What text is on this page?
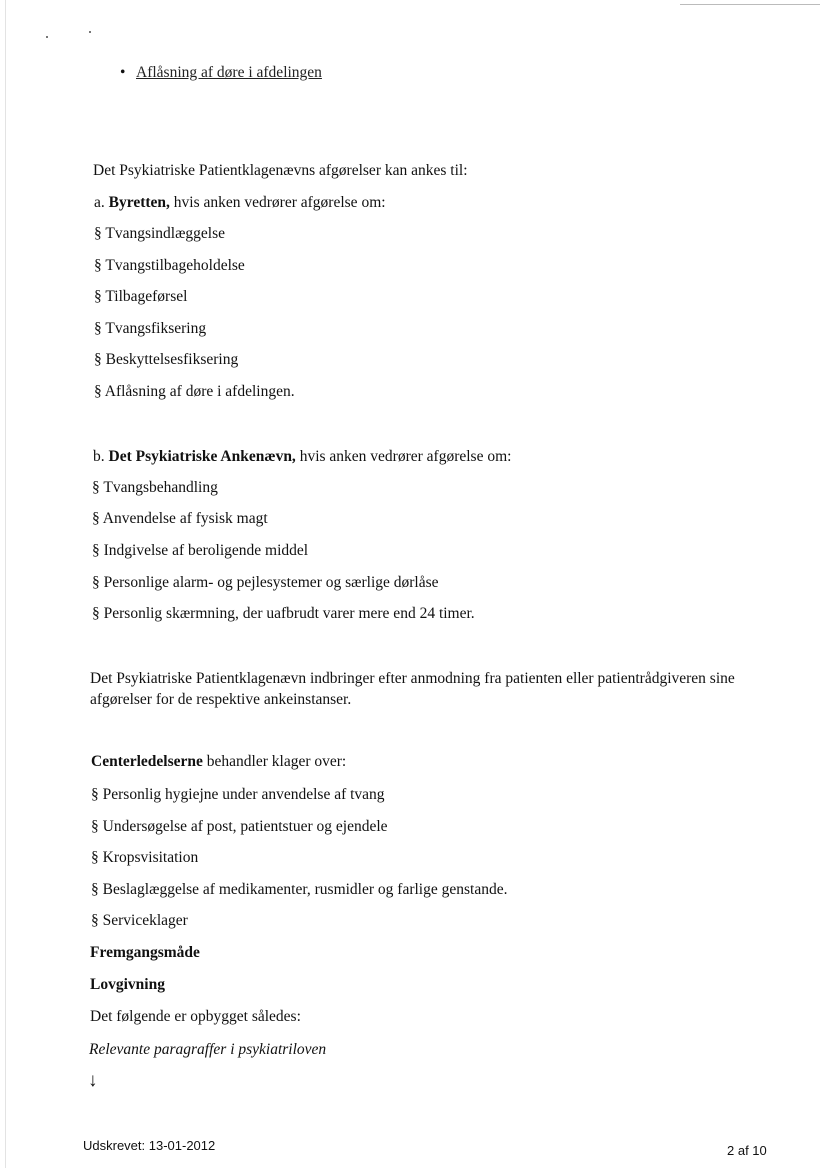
• Aflåsning af døre i afdelingen
Det Psykiatriske Patientklagenævns afgørelser kan ankes til:
a. Byretten, hvis anken vedrører afgørelse om:
§ Tvangsindlæggelse
§ Tvangstilbageholdelse
§ Tilbageførsel
§ Tvangsfiksering
§ Beskyttelsesfiksering
§ Aflåsning af døre i afdelingen.
b. Det Psykiatriske Ankenævn, hvis anken vedrører afgørelse om:
§ Tvangsbehandling
§ Anvendelse af fysisk magt
§ Indgivelse af beroligende middel
§ Personlige alarm- og pejlesystemer og særlige dørlåse
§ Personlig skærmning, der uafbrudt varer mere end 24 timer.
Det Psykiatriske Patientklagenævn indbringer efter anmodning fra patienten eller patientrådgiveren sine afgørelser for de respektive ankeinstanser.
Centerledelserne behandler klager over:
§ Personlig hygiejne under anvendelse af tvang
§ Undersøgelse af post, patientstuer og ejendele
§ Kropsvisitation
§ Beslaglæggelse af medikamenter, rusmidler og farlige genstande.
§ Serviceklager
Fremgangsmåde
Lovgivning
Det følgende er opbygget således:
Relevante paragraffer i psykiatriloven
↓
Udskrevet: 13-01-2012	2 af 10
